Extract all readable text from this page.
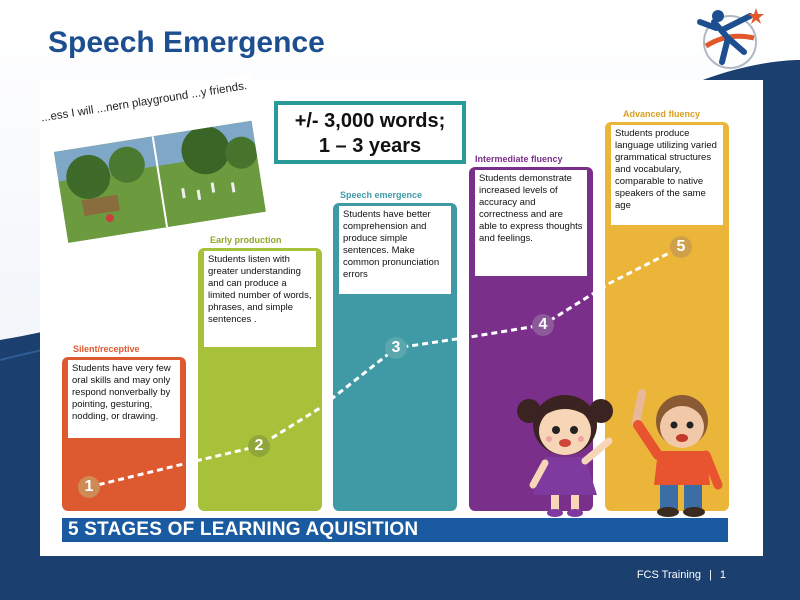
Speech Emergence
...ess I will ...nern playground ...y friends.	+/- 3,000 words;
1 – 3 years
Silent/receptive
Students have very few oral skills and may only respond nonverbally by pointing, gesturing, nodding, or drawing.
Early production
Students listen with greater understanding and can produce a limited number of words, phrases, and simple sentences .
Speech emergence
Students have better comprehension and produce simple sentences. Make common pronunciation errors
Intermediate fluency
Students demonstrate increased levels of accuracy and correctness and are able to express thoughts and feelings.
Advanced fluency
Students produce language utilizing varied grammatical structures and vocabulary, comparable to native speakers of the same age
1
2
3
4
5
5 STAGES OF LEARNING AQUISITION
FCS Training | 1
